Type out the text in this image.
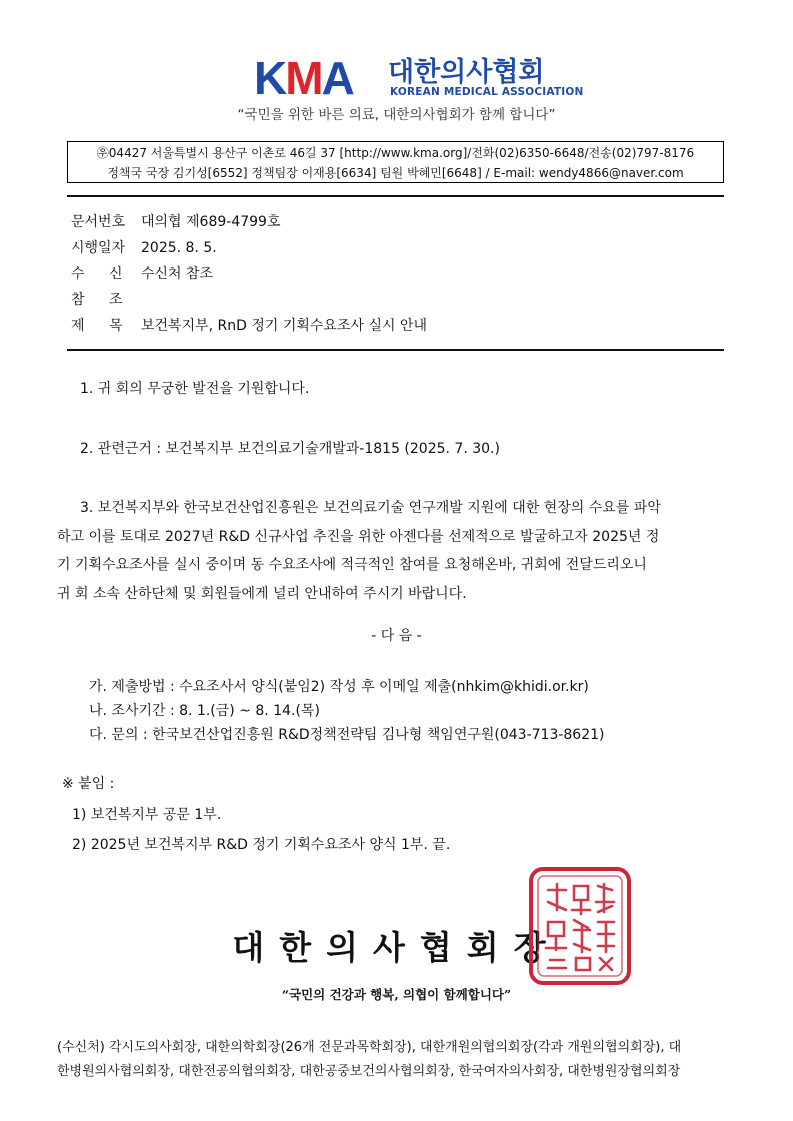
KMA 대한의사협회
KOREAN MEDICAL ASSOCIATION
“국민을 위한 바른 의료, 대한의사협회가 함께 합니다”
㉾04427 서울특별시 용산구 이촌로 46길 37 [http://www.kma.org]/전화(02)6350-6648/전송(02)797-8176
정책국 국장 김기성[6552] 정책팀장 이재용[6634] 팀원 박혜민[6648] / E-mail: wendy4866@naver.com
문서번호 대의협 제689-4799호
시행일자 2025. 8. 5.
수 신 수신처 참조
참 조
제 목 보건복지부, RnD 정기 기획수요조사 실시 안내
1. 귀 회의 무궁한 발전을 기원합니다.
2. 관련근거 : 보건복지부 보건의료기술개발과-1815 (2025. 7. 30.)
3. 보건복지부와 한국보건산업진흥원은 보건의료기술 연구개발 지원에 대한 현장의 수요를 파악
하고 이를 토대로 2027년 R&D 신규사업 추진을 위한 아젠다를 선제적으로 발굴하고자 2025년 정
기 기획수요조사를 실시 중이며 동 수요조사에 적극적인 참여를 요청해온바, 귀회에 전달드리오니
귀 회 소속 산하단체 및 회원들에게 널리 안내하여 주시기 바랍니다.
- 다 음 -
가. 제출방법 : 수요조사서 양식(붙임2) 작성 후 이메일 제출(nhkim@khidi.or.kr)
나. 조사기간 : 8. 1.(금) ~ 8. 14.(목)
다. 문의 : 한국보건산업진흥원 R&D정책전략팀 김나형 책임연구원(043-713-8621)
※ 붙임 :
1) 보건복지부 공문 1부.
2) 2025년 보건복지부 R&D 정기 기획수요조사 양식 1부. 끝.
대한의사협회장
“국민의 건강과 행복, 의협이 함께합니다”
(수신처) 각시도의사회장, 대한의학회장(26개 전문과목학회장), 대한개원의협의회장(각과 개원의협의회장), 대
한병원의사협의회장, 대한전공의협의회장, 대한공중보건의사협의회장, 한국여자의사회장, 대한병원장협의회장
